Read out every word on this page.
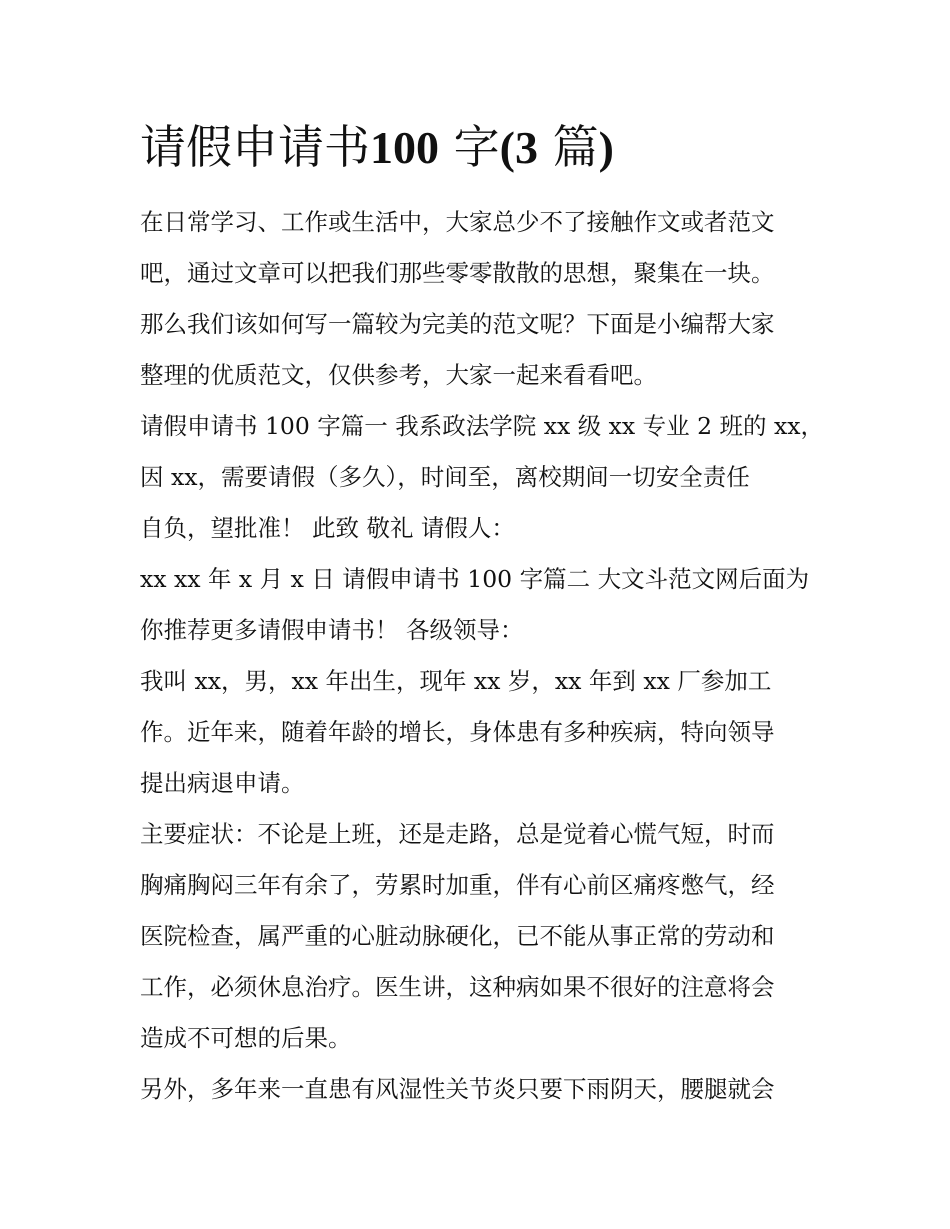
请假申请书100 字(3 篇)
在日常学习、工作或生活中，大家总少不了接触作文或者范文
吧，通过文章可以把我们那些零零散散的思想，聚集在一块。
那么我们该如何写一篇较为完美的范文呢？下面是小编帮大家
整理的优质范文，仅供参考，大家一起来看看吧。
请假申请书 100 字篇一 我系政法学院 xx 级 xx 专业 2 班的 xx，
因 xx，需要请假（多久），时间至，离校期间一切安全责任
自负，望批准！ 此致 敬礼 请假人：
xx xx 年 x 月 x 日 请假申请书 100 字篇二 大文斗范文网后面为
你推荐更多请假申请书！ 各级领导：
我叫 xx，男，xx 年出生，现年 xx 岁，xx 年到 xx 厂参加工
作。近年来，随着年龄的增长，身体患有多种疾病，特向领导
提出病退申请。
主要症状：不论是上班，还是走路，总是觉着心慌气短，时而
胸痛胸闷三年有余了，劳累时加重，伴有心前区痛疼憋气，经
医院检查，属严重的心脏动脉硬化，已不能从事正常的劳动和
工作，必须休息治疗。医生讲，这种病如果不很好的注意将会
造成不可想的后果。
另外，多年来一直患有风湿性关节炎只要下雨阴天，腰腿就会
